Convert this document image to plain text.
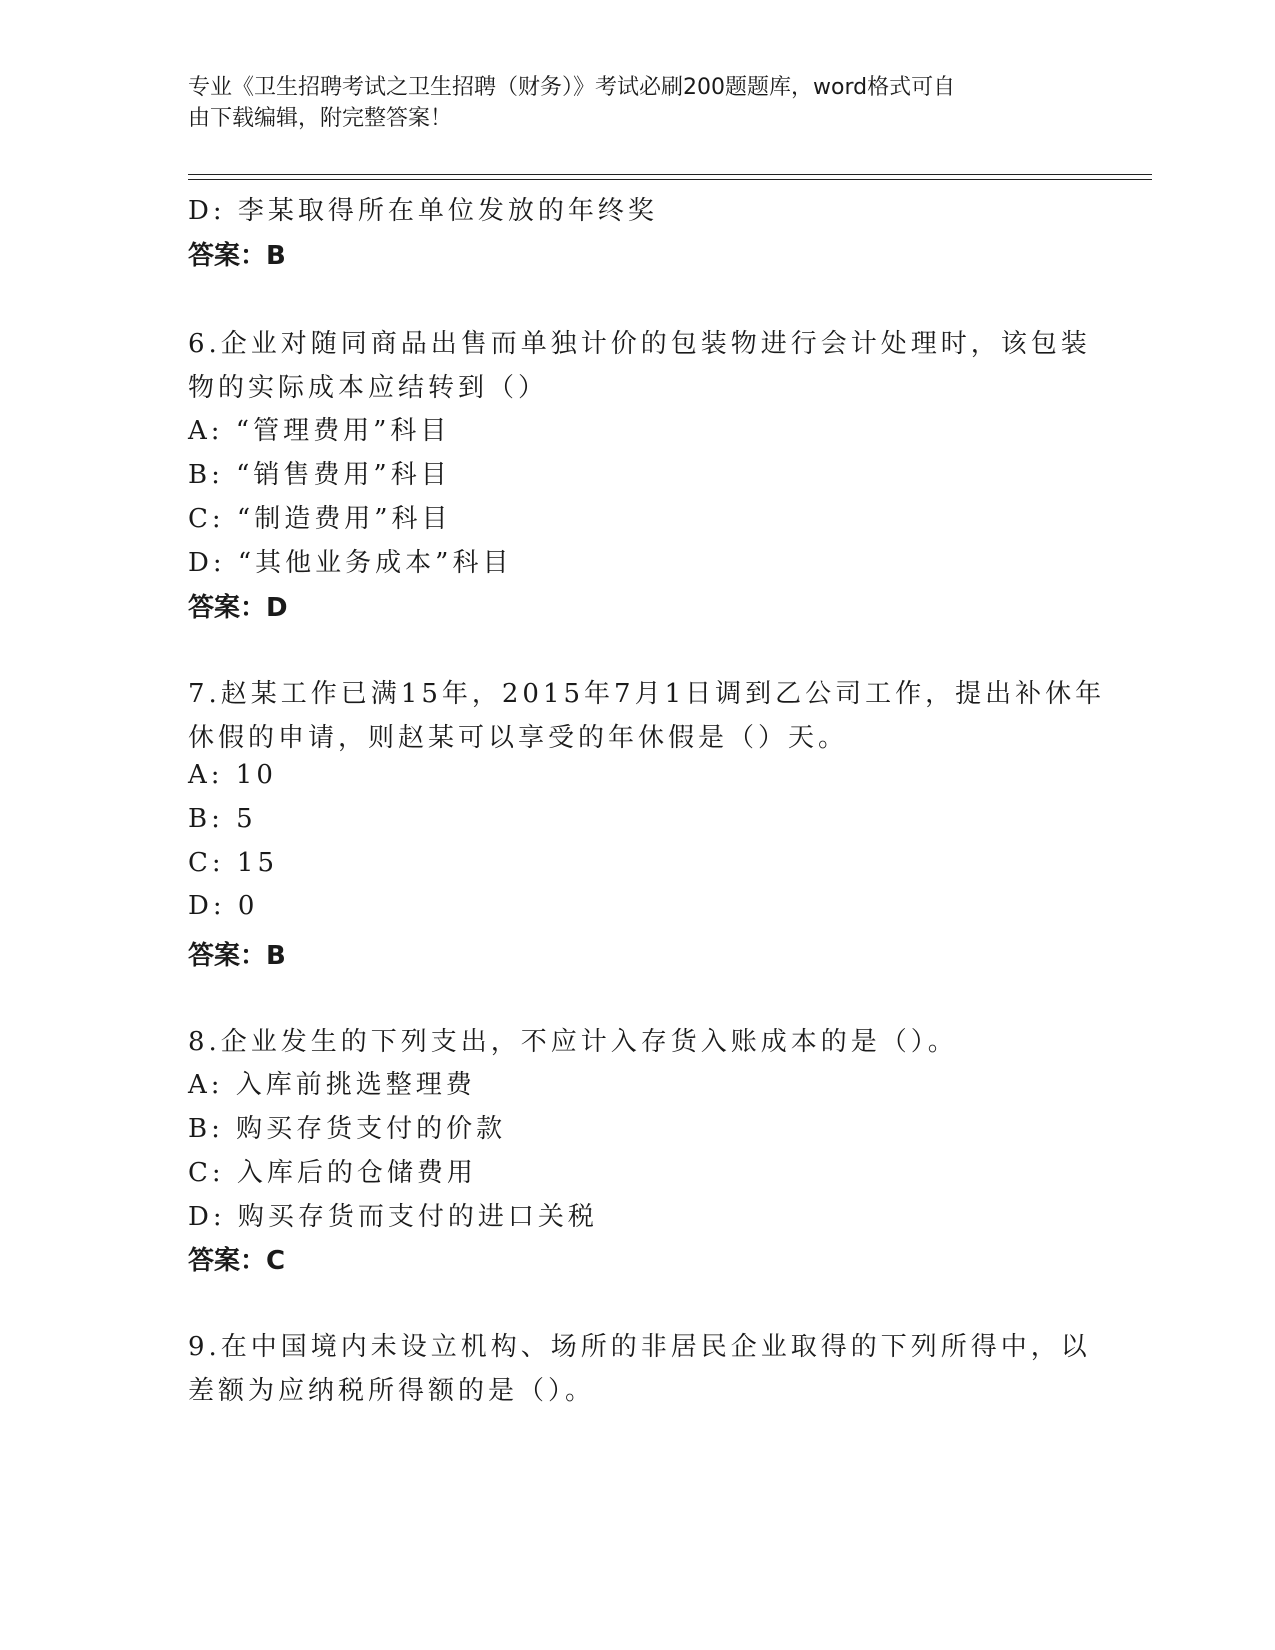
专业《卫生招聘考试之卫生招聘（财务）》考试必刷200题题库，word格式可自
由下载编辑，附完整答案！
D: 李某取得所在单位发放的年终奖
答案：B
6.企业对随同商品出售而单独计价的包装物进行会计处理时，该包装
物的实际成本应结转到（）
A: “管理费用”科目
B: “销售费用”科目
C: “制造费用”科目
D: “其他业务成本”科目
答案：D
7.赵某工作已满15年，2015年7月1日调到乙公司工作，提出补休年
休假的申请，则赵某可以享受的年休假是（）天。
A: 10
B: 5
C: 15
D: 0
答案：B
8.企业发生的下列支出，不应计入存货入账成本的是（）。
A: 入库前挑选整理费
B: 购买存货支付的价款
C: 入库后的仓储费用
D: 购买存货而支付的进口关税
答案：C
9.在中国境内未设立机构、场所的非居民企业取得的下列所得中，以
差额为应纳税所得额的是（）。
